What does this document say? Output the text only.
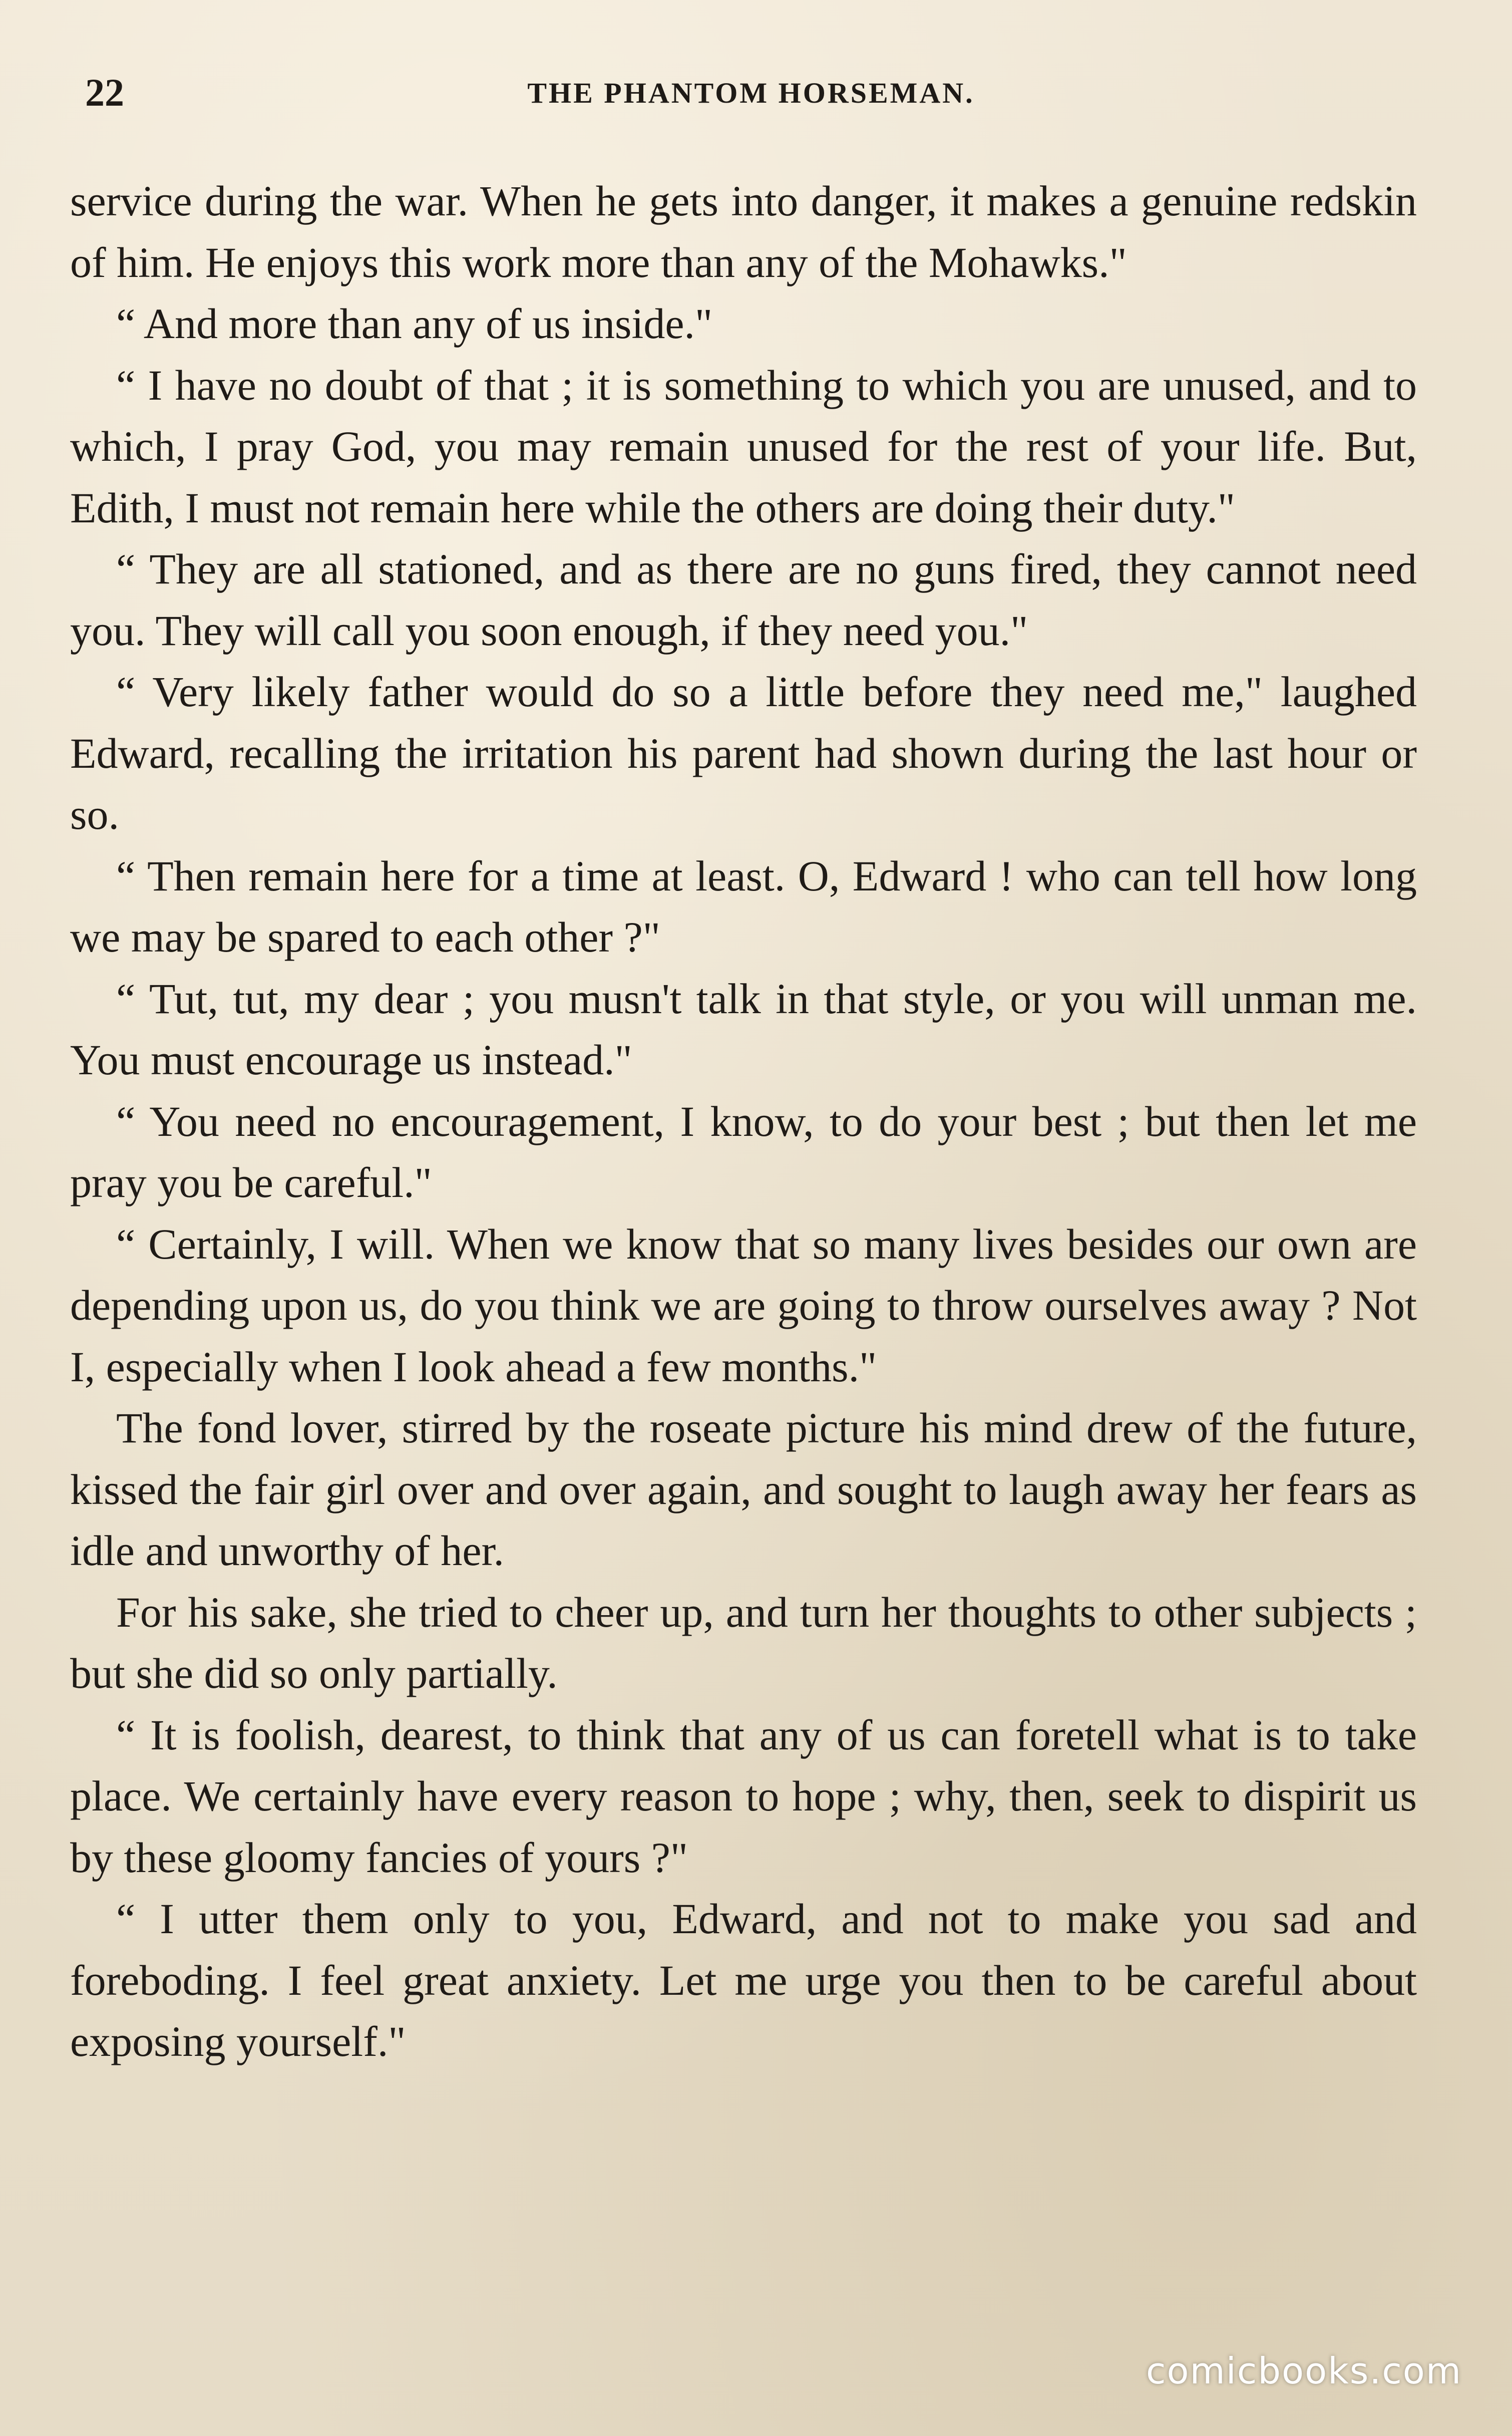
22	THE PHANTOM HORSEMAN.

service during the war. When he gets into danger, it makes a genuine redskin of him. He enjoys this work more than any of the Mohawks."

“ And more than any of us inside."

“ I have no doubt of that ; it is something to which you are unused, and to which, I pray God, you may remain unused for the rest of your life. But, Edith, I must not remain here while the others are doing their duty."

“ They are all stationed, and as there are no guns fired, they cannot need you. They will call you soon enough, if they need you."

“ Very likely father would do so a little before they need me," laughed Edward, recalling the irritation his parent had shown during the last hour or so.

“ Then remain here for a time at least. O, Edward ! who can tell how long we may be spared to each other ?"

“ Tut, tut, my dear ; you musn't talk in that style, or you will unman me. You must encourage us instead."

“ You need no encouragement, I know, to do your best ; but then let me pray you be careful."

“ Certainly, I will. When we know that so many lives besides our own are depending upon us, do you think we are going to throw ourselves away ? Not I, especially when I look ahead a few months."

The fond lover, stirred by the roseate picture his mind drew of the future, kissed the fair girl over and over again, and sought to laugh away her fears as idle and unworthy of her.

For his sake, she tried to cheer up, and turn her thoughts to other subjects ; but she did so only partially.

“ It is foolish, dearest, to think that any of us can foretell what is to take place. We certainly have every reason to hope ; why, then, seek to dispirit us by these gloomy fancies of yours ?"

“ I utter them only to you, Edward, and not to make you sad and foreboding. I feel great anxiety. Let me urge you then to be careful about exposing yourself."

comicbooks.com
